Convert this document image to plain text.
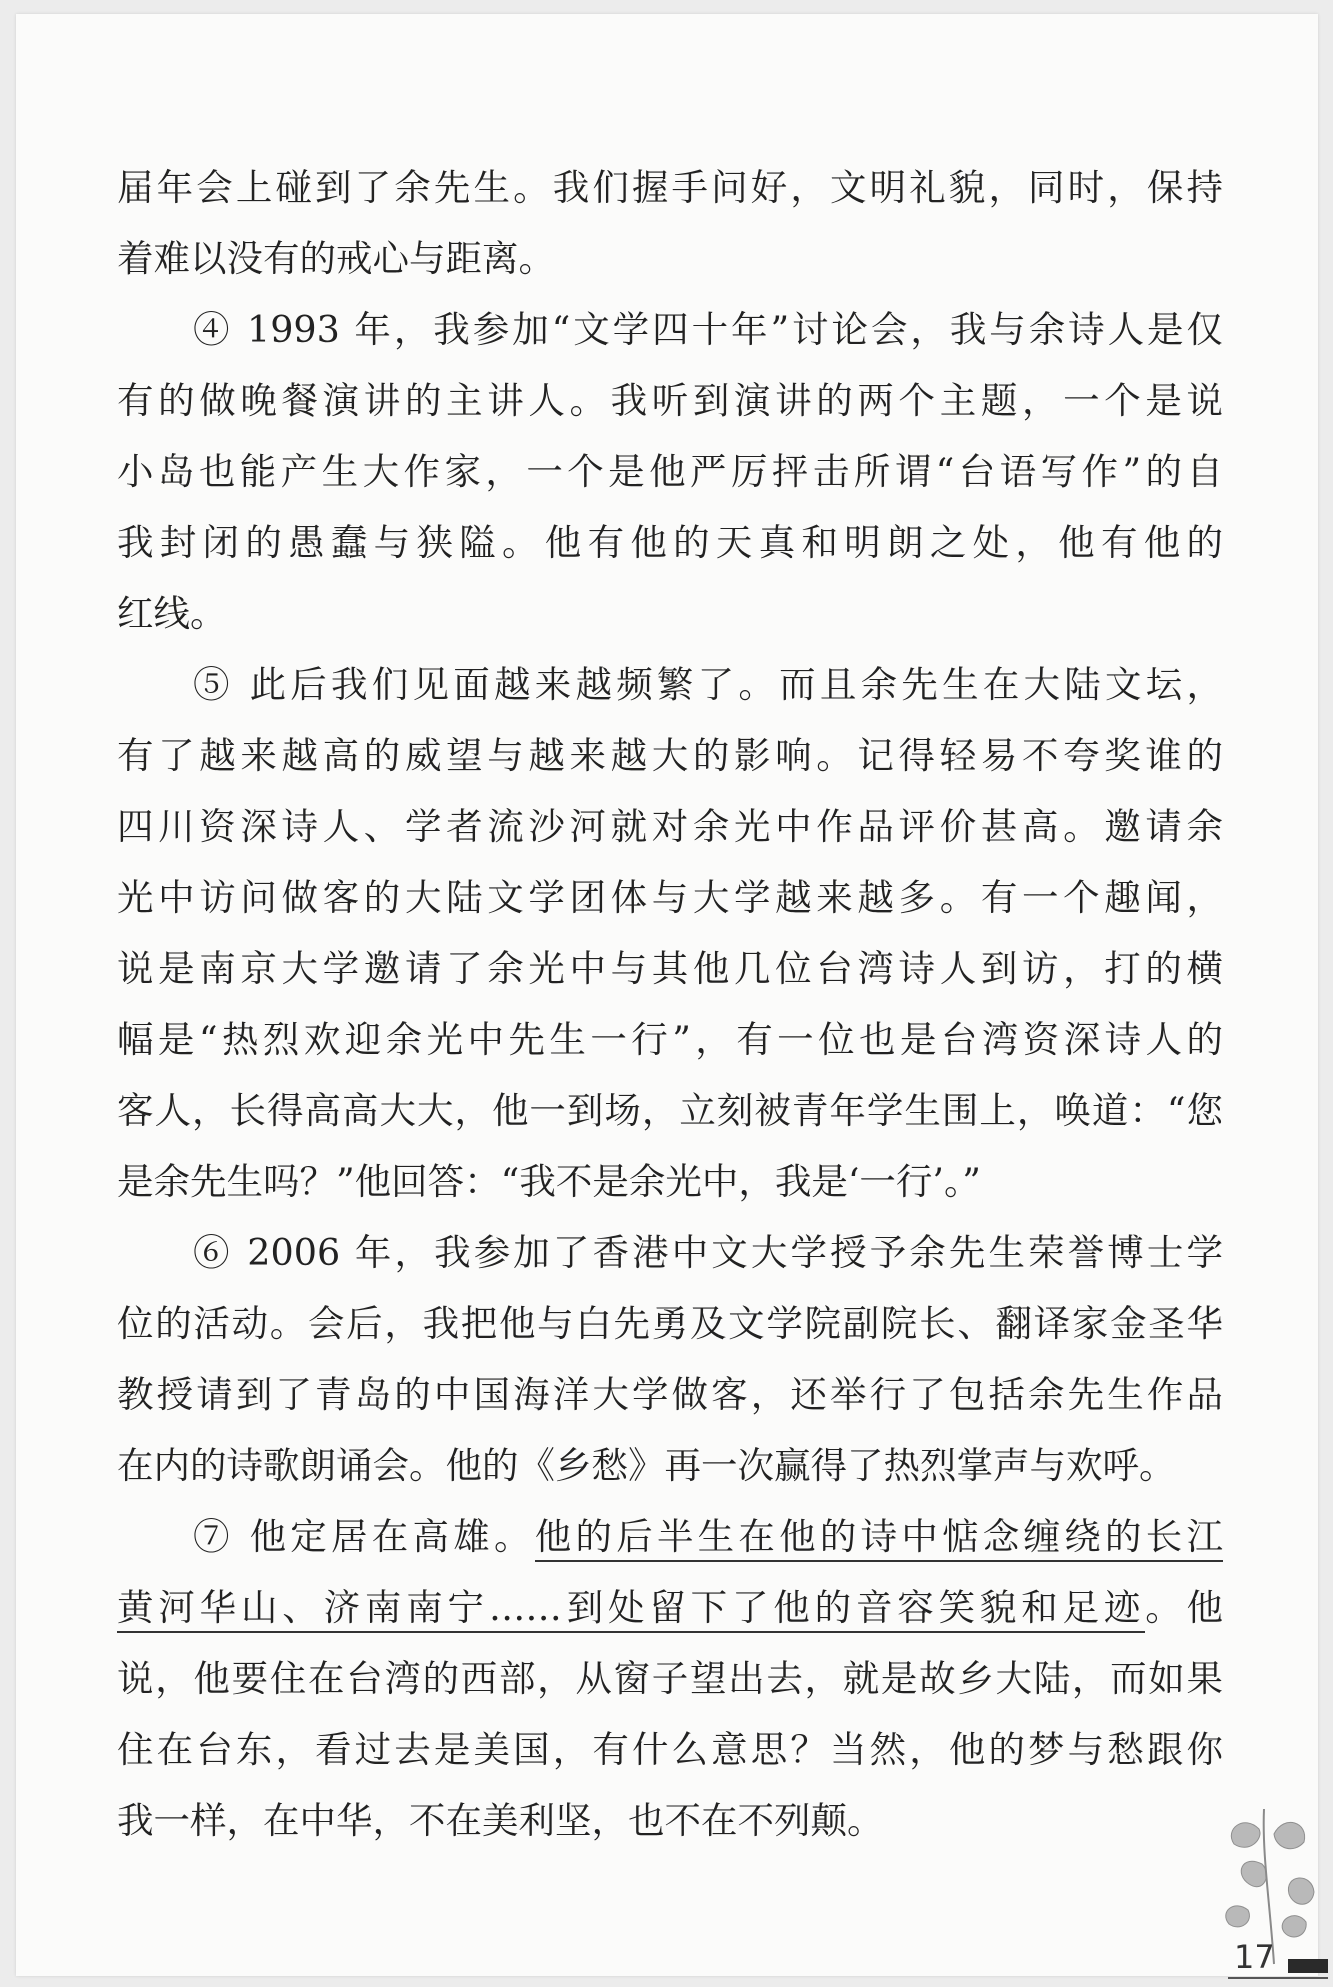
届年会上碰到了余先生。我们握手问好，文明礼貌，同时，保持
着难以没有的戒心与距离。
④ 1993 年，我参加“文学四十年”讨论会，我与余诗人是仅
有的做晚餐演讲的主讲人。我听到演讲的两个主题，一个是说
小岛也能产生大作家，一个是他严厉抨击所谓“台语写作”的自
我封闭的愚蠢与狭隘。他有他的天真和明朗之处，他有他的
红线。
⑤ 此后我们见面越来越频繁了。而且余先生在大陆文坛，
有了越来越高的威望与越来越大的影响。记得轻易不夸奖谁的
四川资深诗人、学者流沙河就对余光中作品评价甚高。邀请余
光中访问做客的大陆文学团体与大学越来越多。有一个趣闻，
说是南京大学邀请了余光中与其他几位台湾诗人到访，打的横
幅是“热烈欢迎余光中先生一行”，有一位也是台湾资深诗人的
客人，长得高高大大，他一到场，立刻被青年学生围上，唤道：“您
是余先生吗？”他回答：“我不是余光中，我是‘一行’。”
⑥ 2006 年，我参加了香港中文大学授予余先生荣誉博士学
位的活动。会后，我把他与白先勇及文学院副院长、翻译家金圣华
教授请到了青岛的中国海洋大学做客，还举行了包括余先生作品
在内的诗歌朗诵会。他的《乡愁》再一次赢得了热烈掌声与欢呼。
⑦ 他定居在高雄。他的后半生在他的诗中惦念缠绕的长江
黄河华山、济南南宁……到处留下了他的音容笑貌和足迹。他
说，他要住在台湾的西部，从窗子望出去，就是故乡大陆，而如果
住在台东，看过去是美国，有什么意思？当然，他的梦与愁跟你
我一样，在中华，不在美利坚，也不在不列颠。
17
